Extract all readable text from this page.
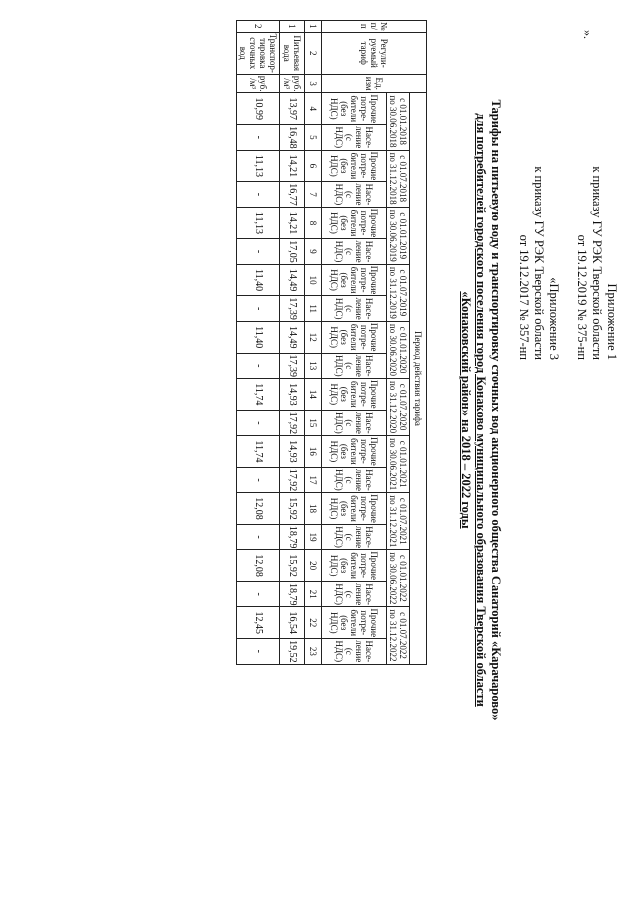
Приложение 1
к приказу ГУ РЭК Тверской области
от 19.12.2019 № 375-нп
«Приложение 3
к приказу ГУ РЭК Тверской области
от 19.12.2017 № 357-нп
Тарифы на питьевую воду и транспортировку сточных вод акционерного общества Санаторий «Карачарово»
для потребителей городского поселения город Конаково муниципального образования Тверской области
«Конаковский район» на 2018 – 2022 годы
№ п/п	Регули-руемый тариф	Ед. изм	Период действия тарифа																			
			с 01.01.2018 по 30.06.2018		с 01.07.2018 по 31.12.2018		с 01.01.2019 по 30.06.2019		с 01.07.2019 по 31.12.2019		с 01.01.2020 по 30.06.2020		с 01.07.2020 по 31.12.2020		с 01.01.2021 по 30.06.2021		с 01.07.2021 по 31.12.2021		с 01.01.2022 по 30.06.2022		с 01.07.2022 по 31.12.2022	
			Прочие потре-бители (без НДС)	Насе-ление (с НДС)	Прочие потре-бители (без НДС)	Насе-ление (с НДС)	Прочие потре-бители (без НДС)	Насе-ление (с НДС)	Прочие потре-бители (без НДС)	Насе-ление (с НДС)	Прочие потре-бители (без НДС)	Насе-ление (с НДС)	Прочие потре-бители (без НДС)	Насе-ление (с НДС)	Прочие потре-бители (без НДС)	Насе-ление (с НДС)	Прочие потре-бители (без НДС)	Насе-ление (с НДС)	Прочие потре-бители (без НДС)	Насе-ление (с НДС)	Прочие потре-бители (без НДС)	Насе-ление (с НДС)
1	2	3	4	5	6	7	8	9	10	11	12	13	14	15	16	17	18	19	20	21	22	23
1	Питьевая вода	руб. /м³	13,97	16,48	14,21	16,77	14,21	17,05	14,49	17,39	14,49	17,39	14,93	17,92	14,93	17,92	15,92	18,79	15,92	18,79	16,54	19,52
2	Транспор-тировка сточных вод	руб. /м³	10,99	-	11,13	-	11,13	-	11,40	-	11,40	-	11,74	-	11,74	-	12,08	-	12,08	-	12,45	-
».
